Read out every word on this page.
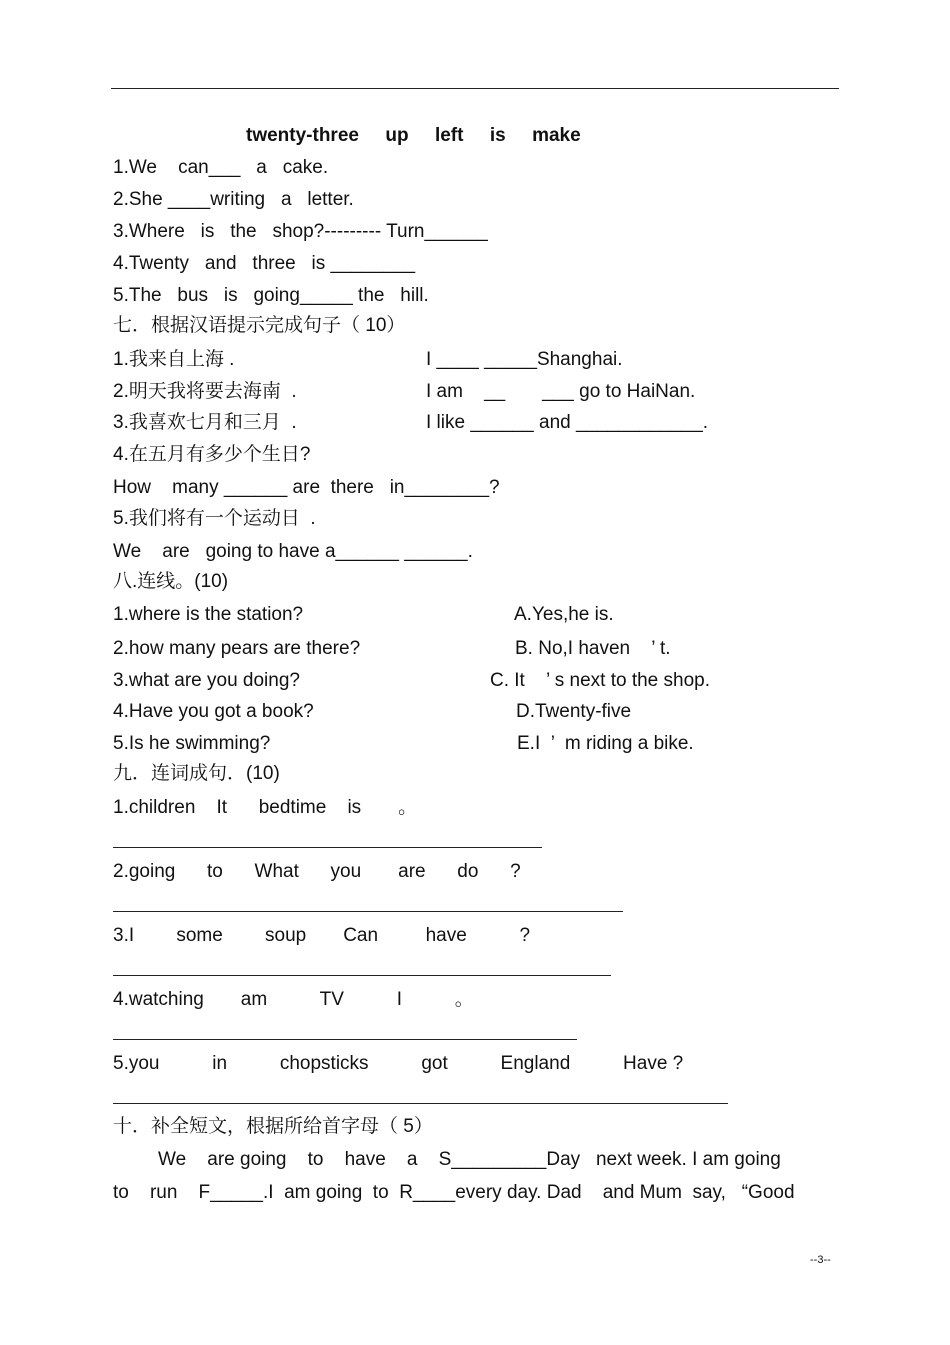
twenty-three     up     left     is     make
1.We    can___   a   cake.
2.She ____writing   a   letter.
3.Where   is   the   shop?--------- Turn______
4.Twenty   and   three   is ________
5.The   bus   is   going_____ the   hill.
七．根据汉语提示完成句子（ 10）
1.我来自上海 .	I ____ _____Shanghai.
2.明天我将要去海南  .	I am    __       ___ go to HaiNan.
3.我喜欢七月和三月  .	I like ______ and ____________.
4.在五月有多少个生日?
How    many ______ are  there   in________?
5.我们将有一个运动日  .
We    are   going to have a______ ______.
八.连线。(10)
1.where is the station?	A.Yes,he is.
2.how many pears are there?	B. No,I haven    ’ t.
3.what are you doing?	C. It    ’ s next to the shop.
4.Have you got a book?	D.Twenty-five
5.Is he swimming?	E.I  ’  m riding a bike.
九．连词成句．(10)
1.children    It      bedtime    is       。
2.going      to      What      you       are      do      ?
3.I        some        soup       Can         have          ?
4.watching       am          TV          I          。
5.you          in          chopsticks          got          England          Have ?
十．补全短文，根据所给首字母（ 5）
We    are going    to    have    a    S_________Day   next week. I am going
to    run    F_____.I  am going  to  R____every day. Dad    and Mum  say,   “Good
--3--
